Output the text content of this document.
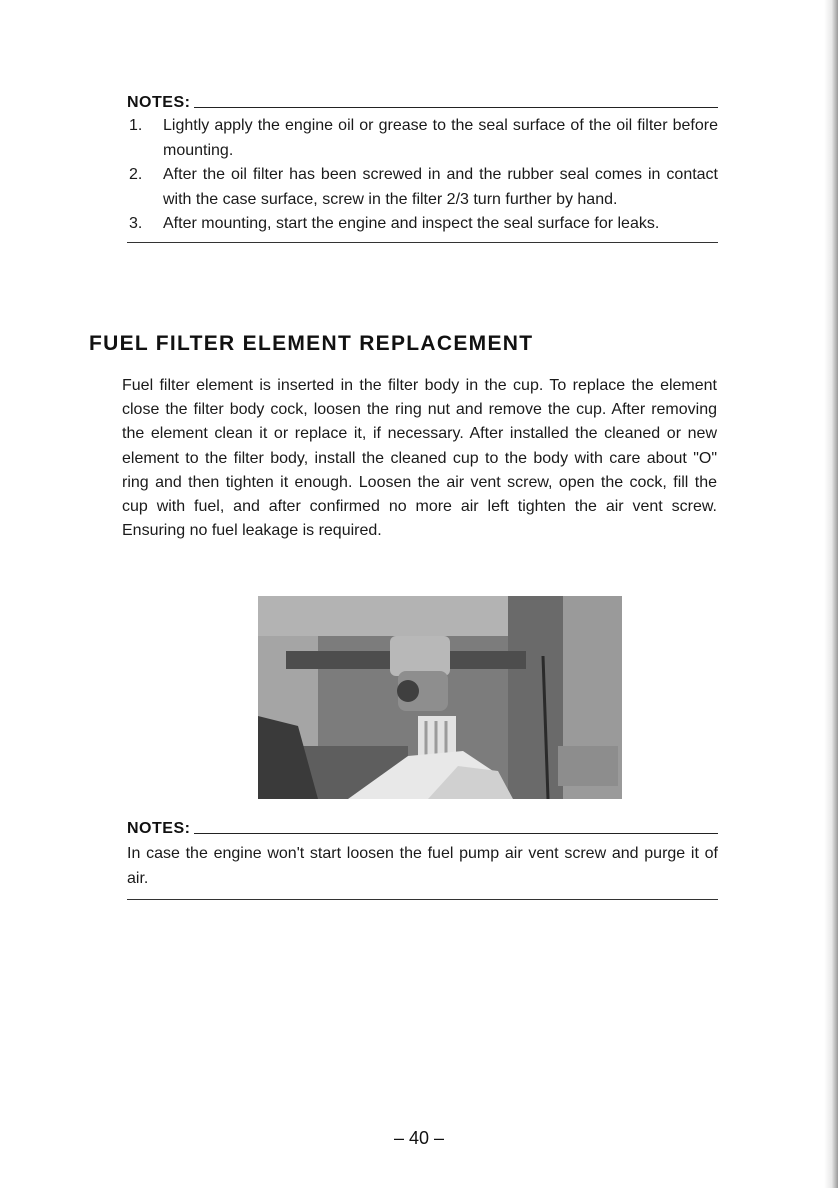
NOTES:
1. Lightly apply the engine oil or grease to the seal surface of the oil filter before mounting.
2. After the oil filter has been screwed in and the rubber seal comes in contact with the case surface, screw in the filter 2/3 turn further by hand.
3. After mounting, start the engine and inspect the seal surface for leaks.
FUEL FILTER ELEMENT REPLACEMENT

Fuel filter element is inserted in the filter body in the cup. To replace the element close the filter body cock, loosen the ring nut and remove the cup. After removing the element clean it or replace it, if necessary. After installed the cleaned or new element to the filter body, install the cleaned cup to the body with care about "O" ring and then tighten it enough. Loosen the air vent screw, open the cock, fill the cup with fuel, and after confirmed no more air left tighten the air vent screw. Ensuring no fuel leakage is required.

NOTES:
In case the engine won't start loosen the fuel pump air vent screw and purge it of air.
– 40 –
